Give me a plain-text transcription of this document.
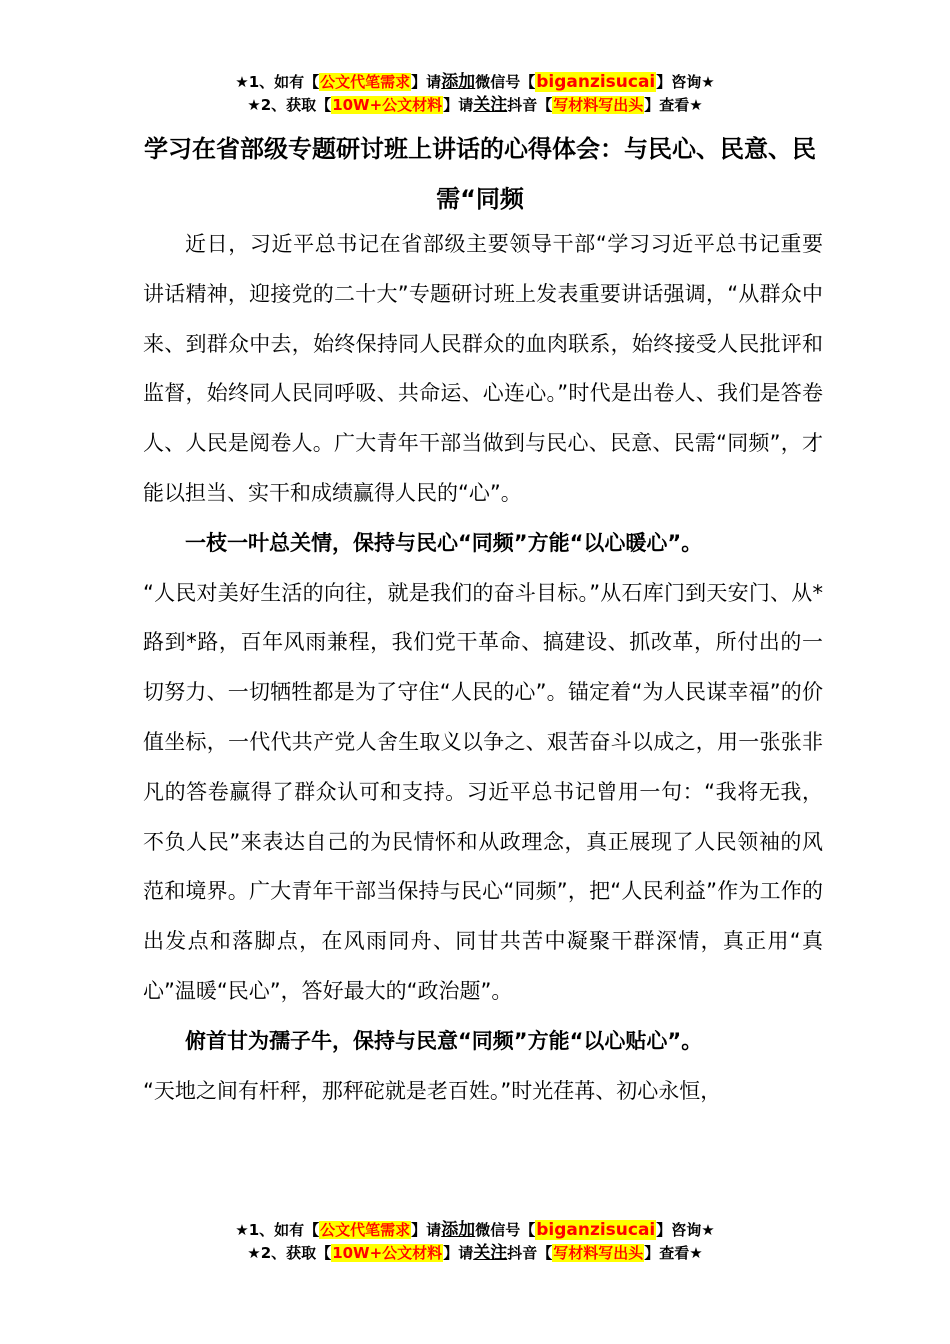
★1、如有【公文代笔需求】请添加微信号【biganzisucai】咨询★
★2、获取【10W+公文材料】请关注抖音【写材料写出头】查看★
学习在省部级专题研讨班上讲话的心得体会：与民心、民意、民需“同频

近日，习近平总书记在省部级主要领导干部“学习习近平总书记重要讲话精神，迎接党的二十大”专题研讨班上发表重要讲话强调，“从群众中来、到群众中去，始终保持同人民群众的血肉联系，始终接受人民批评和监督，始终同人民同呼吸、共命运、心连心。”时代是出卷人、我们是答卷人、人民是阅卷人。广大青年干部当做到与民心、民意、民需“同频”，才能以担当、实干和成绩赢得人民的“心”。

一枝一叶总关情，保持与民心“同频”方能“以心暖心”。

“人民对美好生活的向往，就是我们的奋斗目标。”从石库门到天安门、从*路到*路，百年风雨兼程，我们党干革命、搞建设、抓改革，所付出的一切努力、一切牺牲都是为了守住“人民的心”。锚定着“为人民谋幸福”的价值坐标，一代代共产党人舍生取义以争之、艰苦奋斗以成之，用一张张非凡的答卷赢得了群众认可和支持。习近平总书记曾用一句：“我将无我，不负人民”来表达自己的为民情怀和从政理念，真正展现了人民领袖的风范和境界。广大青年干部当保持与民心“同频”，把“人民利益”作为工作的出发点和落脚点，在风雨同舟、同甘共苦中凝聚干群深情，真正用“真心”温暖“民心”，答好最大的“政治题”。

俯首甘为孺子牛，保持与民意“同频”方能“以心贴心”。

“天地之间有杆秤，那秤砣就是老百姓。”时光荏苒、初心永恒，

★1、如有【公文代笔需求】请添加微信号【biganzisucai】咨询★
★2、获取【10W+公文材料】请关注抖音【写材料写出头】查看★
